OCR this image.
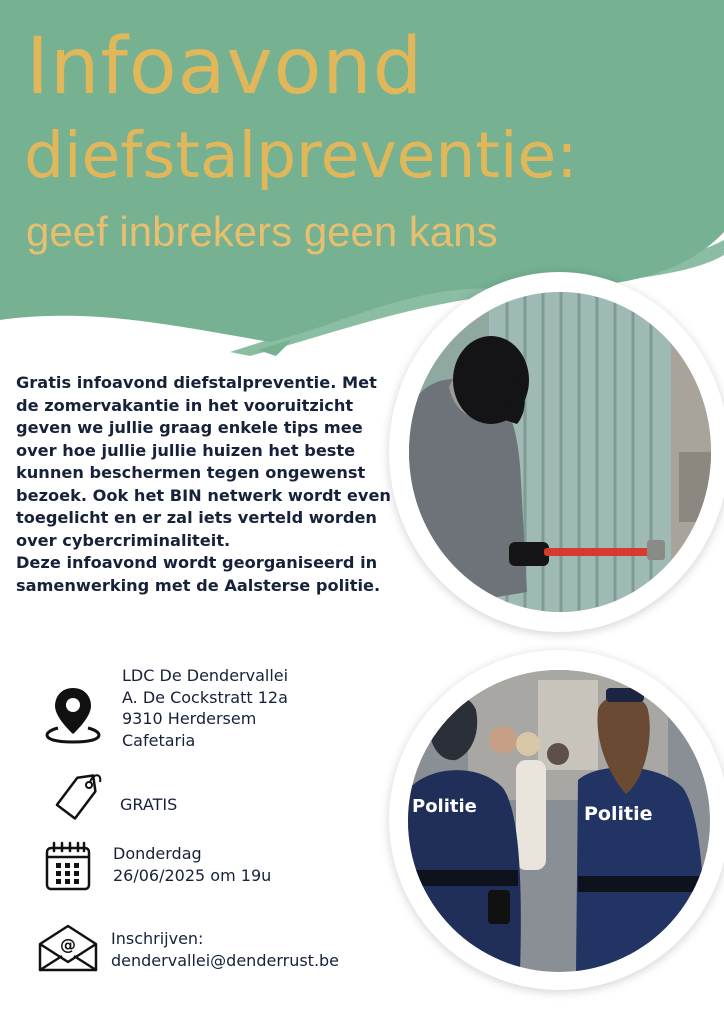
Infoavond
diefstalpreventie:
geef inbrekers geen kans

Gratis infoavond diefstalpreventie. Met de zomervakantie in het vooruitzicht geven we jullie graag enkele tips mee over hoe jullie jullie huizen het beste kunnen beschermen tegen ongewenst bezoek. Ook het BIN netwerk wordt even toegelicht en er zal iets verteld worden over cybercriminaliteit.

Deze infoavond wordt georganiseerd in samenwerking met de Aalsterse politie.

Politie	Politie
LDC De Dendervallei
A. De Cockstratt 12a
9310 Herdersem
Cafetaria
GRATIS
Donderdag
26/06/2025 om 19u
@ Inschrijven:
dendervallei@denderrust.be
